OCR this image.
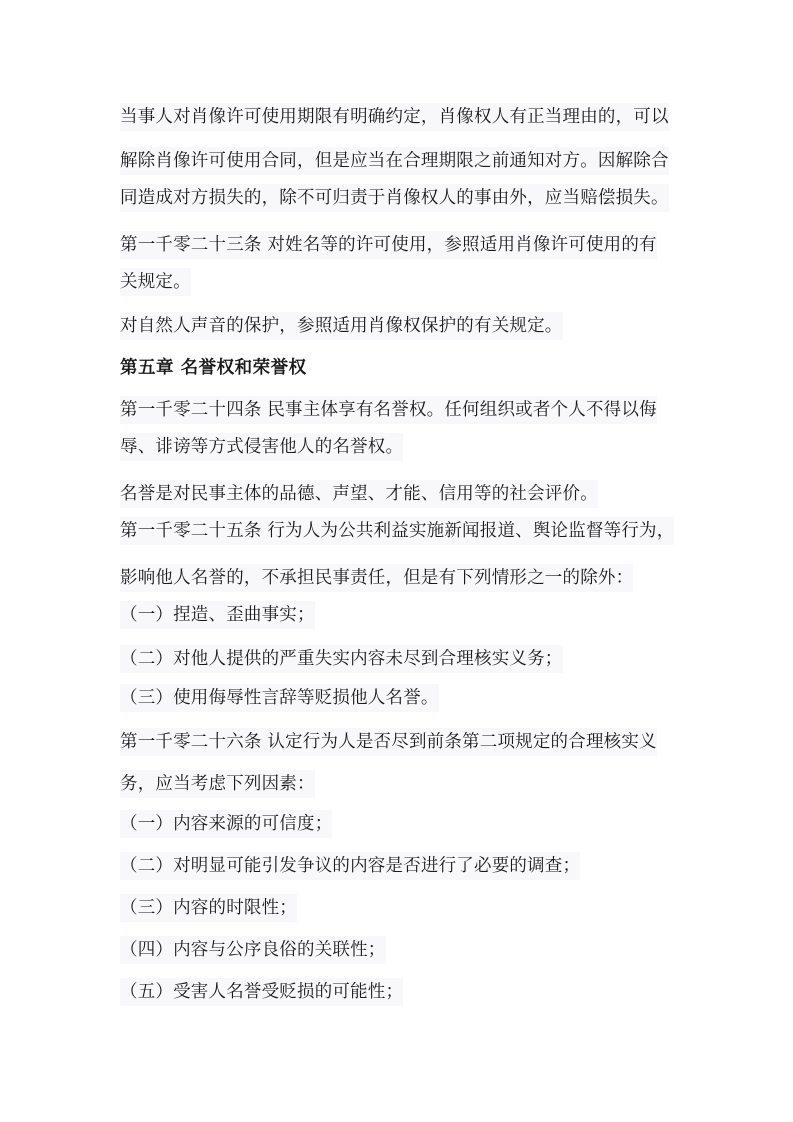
当事人对肖像许可使用期限有明确约定，肖像权人有正当理由的，可以
解除肖像许可使用合同，但是应当在合理期限之前通知对方。因解除合
同造成对方损失的，除不可归责于肖像权人的事由外，应当赔偿损失。
第一千零二十三条 对姓名等的许可使用，参照适用肖像许可使用的有
关规定。
对自然人声音的保护，参照适用肖像权保护的有关规定。
第五章 名誉权和荣誉权
第一千零二十四条 民事主体享有名誉权。任何组织或者个人不得以侮
辱、诽谤等方式侵害他人的名誉权。
名誉是对民事主体的品德、声望、才能、信用等的社会评价。
第一千零二十五条 行为人为公共利益实施新闻报道、舆论监督等行为，
影响他人名誉的，不承担民事责任，但是有下列情形之一的除外：
（一）捏造、歪曲事实；
（二）对他人提供的严重失实内容未尽到合理核实义务；
（三）使用侮辱性言辞等贬损他人名誉。
第一千零二十六条 认定行为人是否尽到前条第二项规定的合理核实义
务，应当考虑下列因素：
（一）内容来源的可信度；
（二）对明显可能引发争议的内容是否进行了必要的调查；
（三）内容的时限性；
（四）内容与公序良俗的关联性；
（五）受害人名誉受贬损的可能性；
